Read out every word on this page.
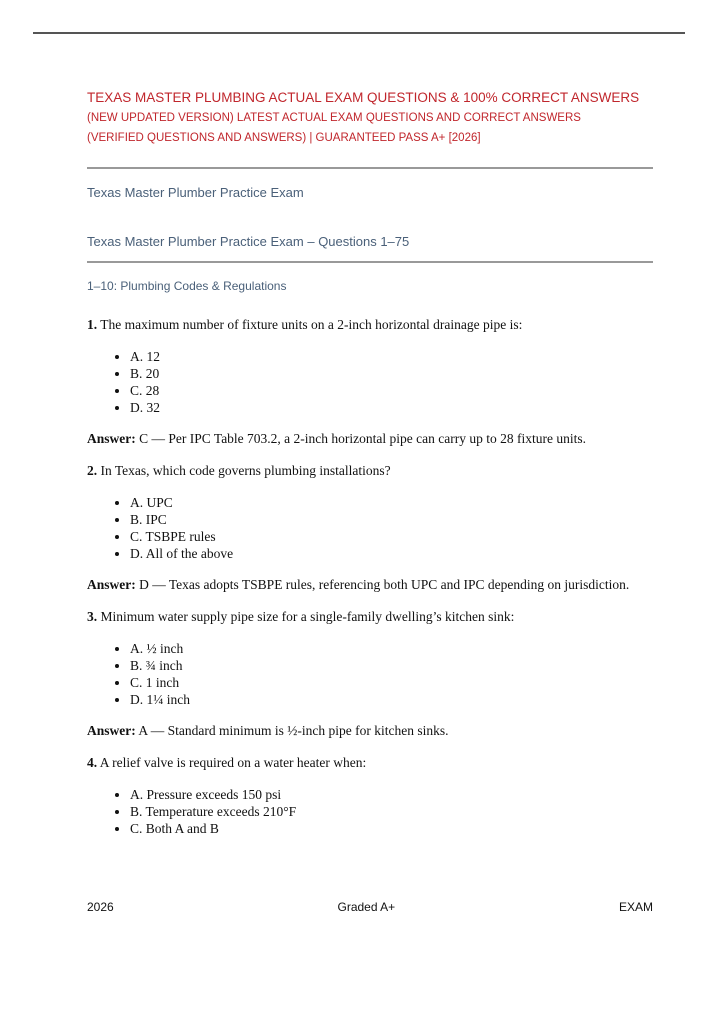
TEXAS MASTER PLUMBING ACTUAL EXAM QUESTIONS & 100% CORRECT ANSWERS
(NEW UPDATED VERSION) LATEST ACTUAL EXAM QUESTIONS AND CORRECT ANSWERS
(VERIFIED QUESTIONS AND ANSWERS) | GUARANTEED PASS A+ [2026]
Texas Master Plumber Practice Exam
Texas Master Plumber Practice Exam – Questions 1–75
1–10: Plumbing Codes & Regulations

1. The maximum number of fixture units on a 2-inch horizontal drainage pipe is:

• A. 12
• B. 20
• C. 28
• D. 32

Answer: C — Per IPC Table 703.2, a 2-inch horizontal pipe can carry up to 28 fixture units.

2. In Texas, which code governs plumbing installations?

• A. UPC
• B. IPC
• C. TSBPE rules
• D. All of the above

Answer: D — Texas adopts TSBPE rules, referencing both UPC and IPC depending on jurisdiction.

3. Minimum water supply pipe size for a single-family dwelling’s kitchen sink:

• A. ½ inch
• B. ¾ inch
• C. 1 inch
• D. 1¼ inch

Answer: A — Standard minimum is ½-inch pipe for kitchen sinks.

4. A relief valve is required on a water heater when:

• A. Pressure exceeds 150 psi
• B. Temperature exceeds 210°F
• C. Both A and B
2026	Graded A+	EXAM
